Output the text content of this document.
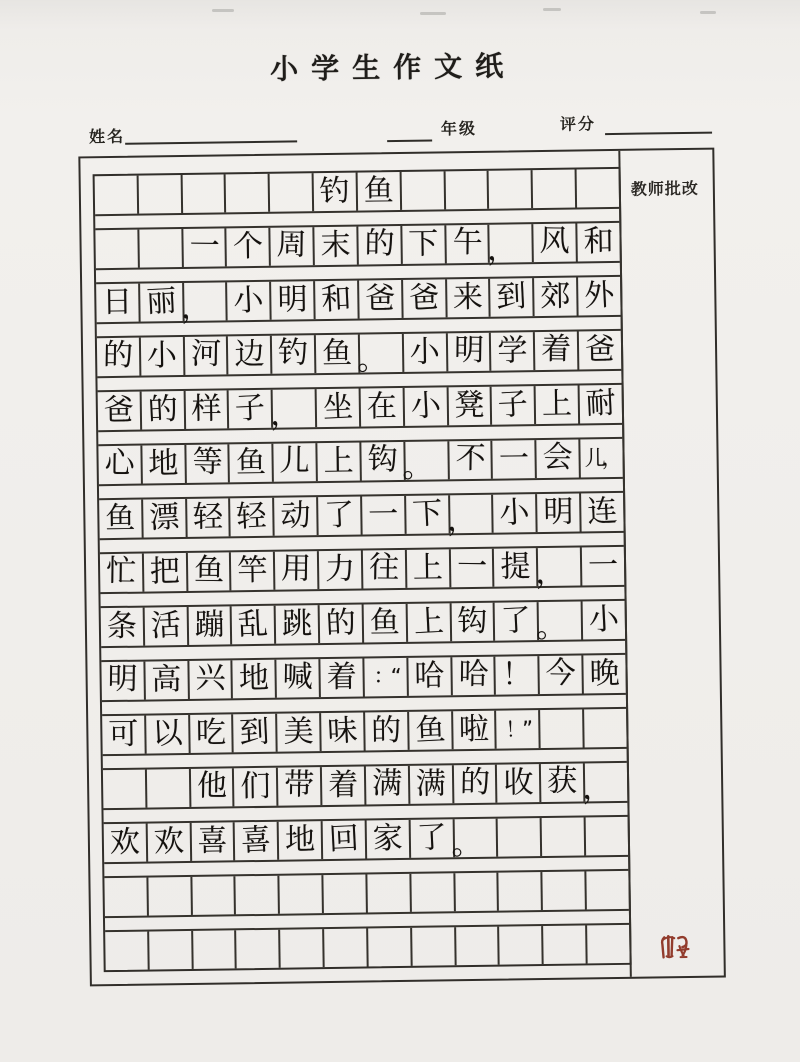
小学生作文纸
姓名	年级	评分
钓 鱼
一 个 周 末 的 下 午 ， 风 和
日 丽 ， 小 明 和 爸 爸 来 到 郊 外
的 小 河 边 钓 鱼 。 小 明 学 着 爸
爸 的 样 子 ， 坐 在 小 凳 子 上 耐
心 地 等 鱼 儿 上 钩 。 不 一 会 儿，
鱼 漂 轻 轻 动 了 一 下 ， 小 明 连
忙 把 鱼 竿 用 力 往 上 一 提 ， 一
条 活 蹦 乱 跳 的 鱼 上 钩 了 。 小
明 高 兴 地 喊 着 ：“ 哈 哈 ！ 今 晚
可 以 吃 到 美 味 的 鱼 啦 ！”
他 们 带 着 满 满 的 收 获 ，
欢 欢 喜 喜 地 回 家 了 。
教师批改
